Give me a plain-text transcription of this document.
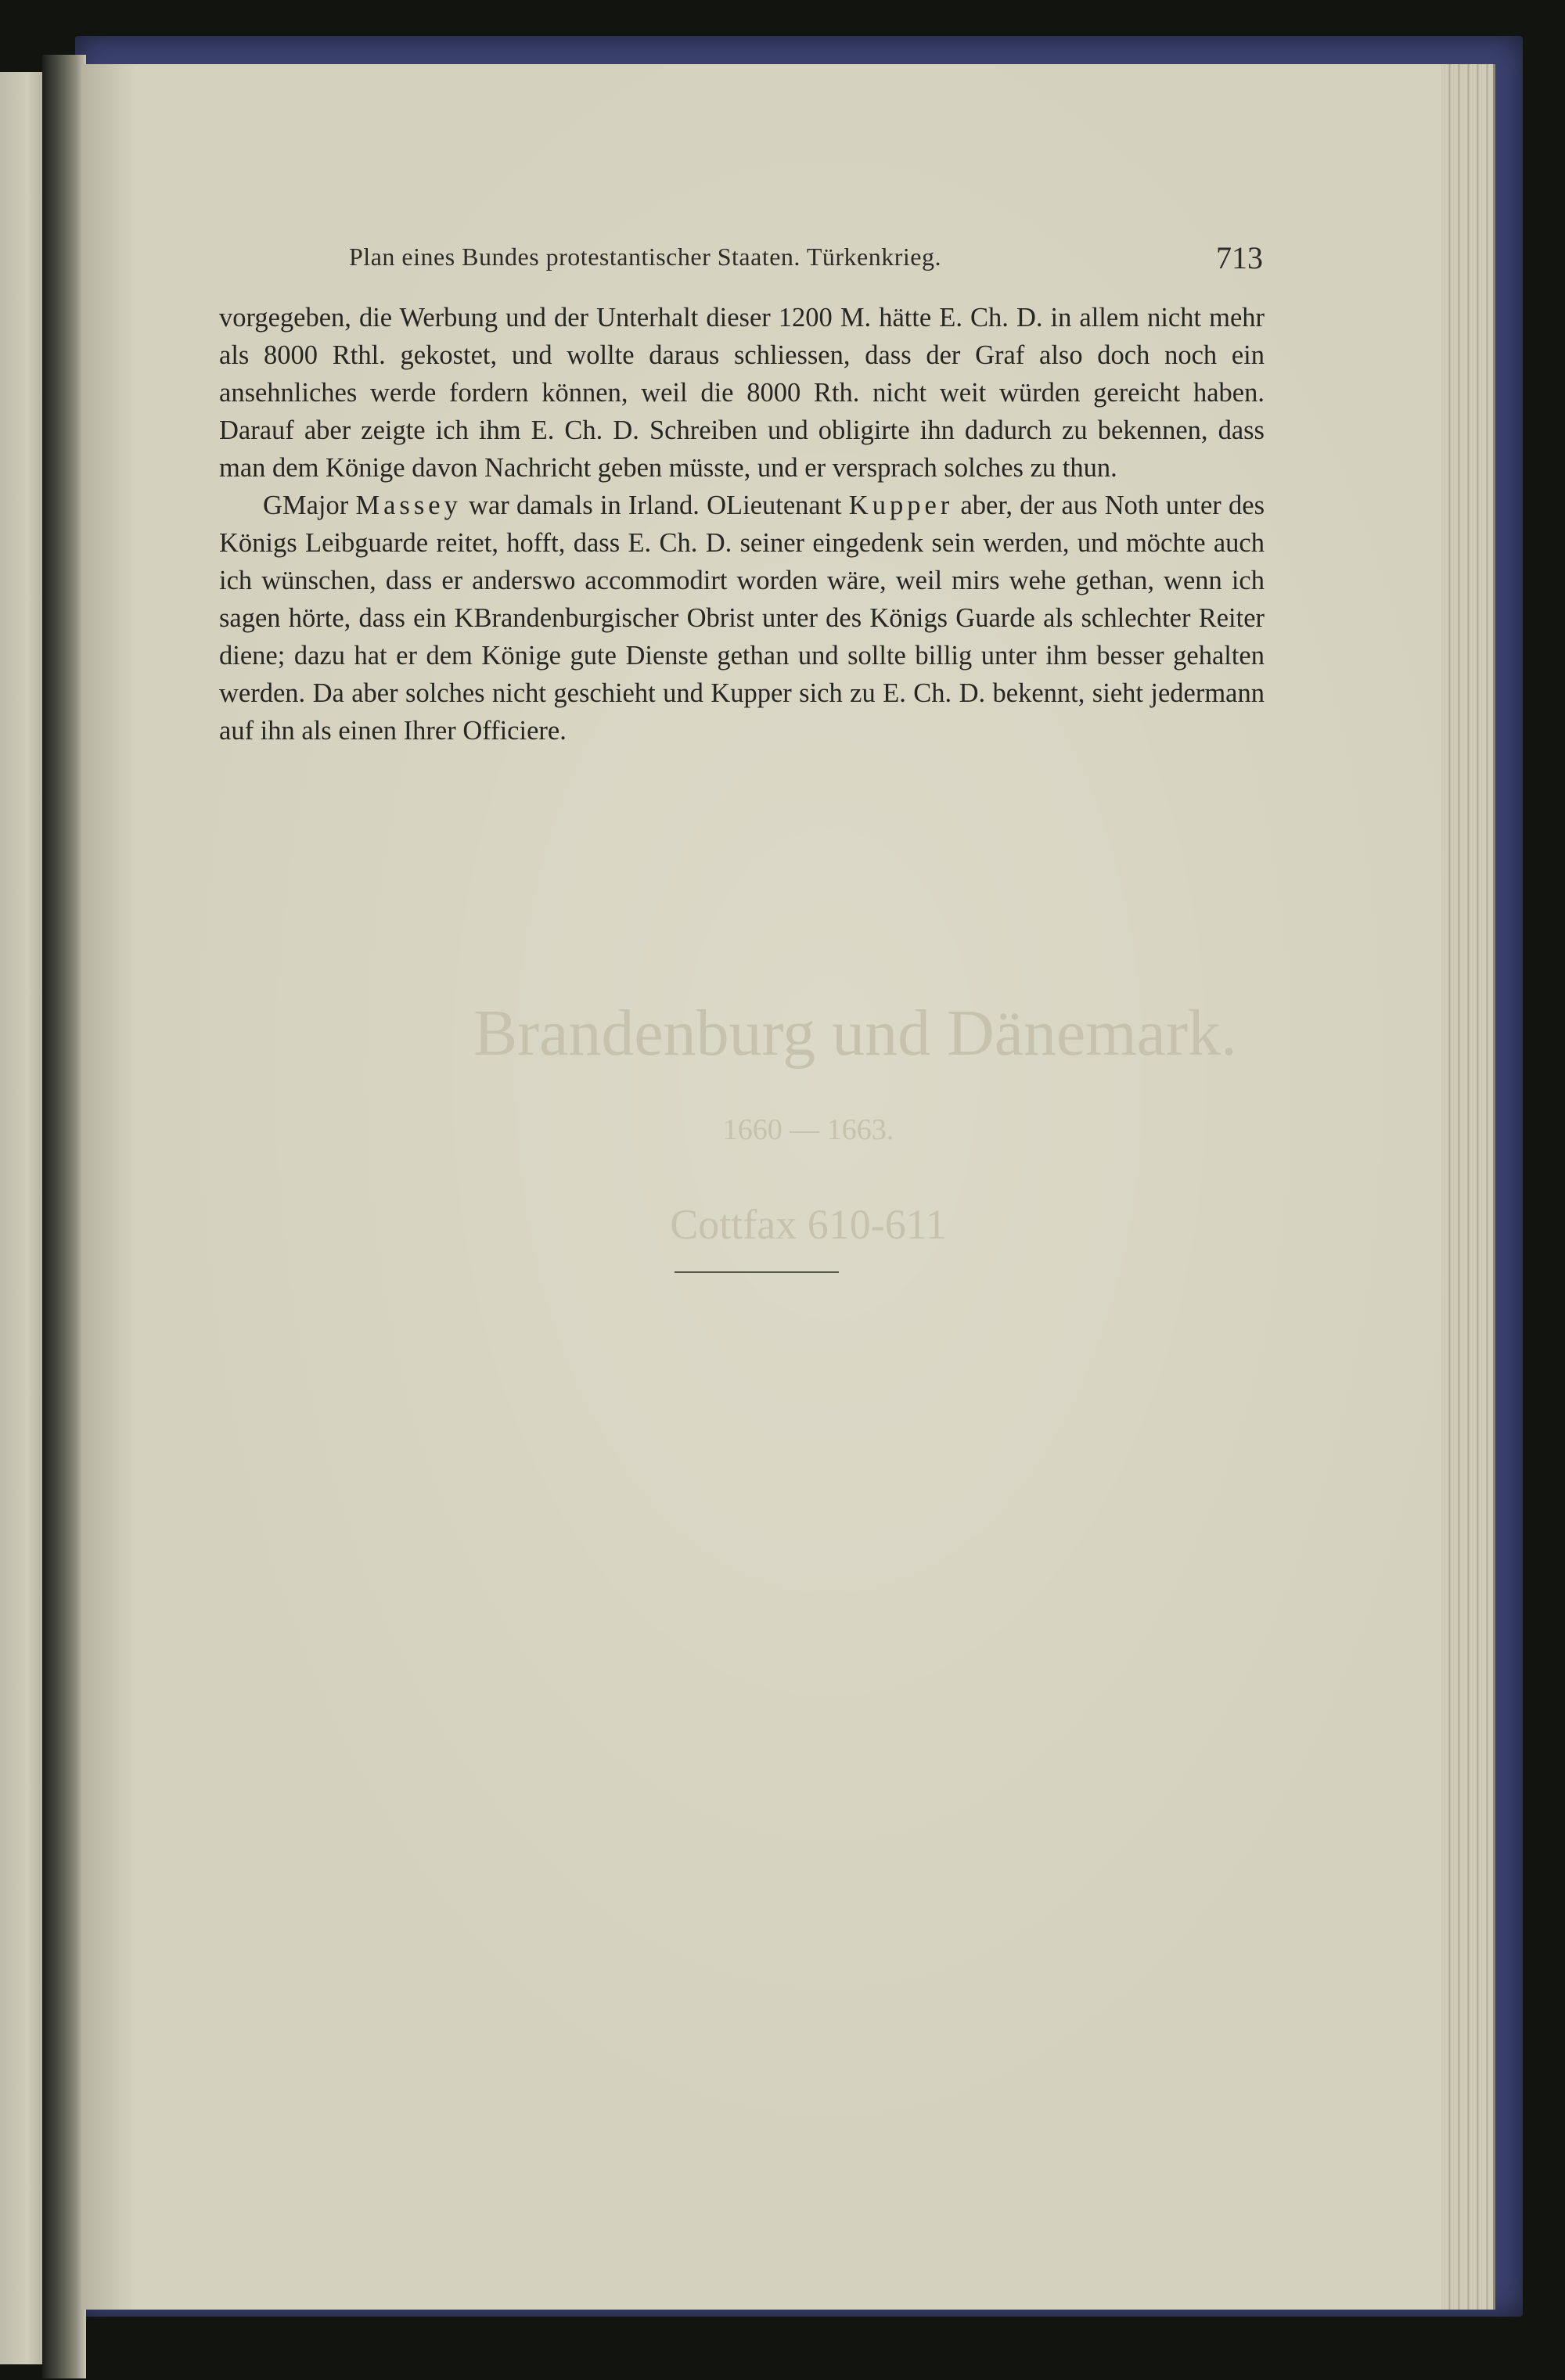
Brandenburg und Dänemark.
1660 — 1663.
Cottfax 610-611
Plan eines Bundes protestantischer Staaten. Türkenkrieg.	713

vorgegeben, die Werbung und der Unterhalt dieser 1200 M. hätte E. Ch. D. in allem nicht mehr als 8000 Rthl. gekostet, und wollte daraus schliessen, dass der Graf also doch noch ein ansehnliches werde fordern können, weil die 8000 Rth. nicht weit würden gereicht haben. Darauf aber zeigte ich ihm E. Ch. D. Schreiben und obligirte ihn dadurch zu bekennen, dass man dem Könige davon Nachricht geben müsste, und er versprach solches zu thun.

GMajor Massey war damals in Irland. OLieutenant Kupper aber, der aus Noth unter des Königs Leibguarde reitet, hofft, dass E. Ch. D. seiner eingedenk sein werden, und möchte auch ich wünschen, dass er anderswo accommodirt worden wäre, weil mirs wehe gethan, wenn ich sagen hörte, dass ein KBrandenburgischer Obrist unter des Königs Guarde als schlechter Reiter diene; dazu hat er dem Könige gute Dienste gethan und sollte billig unter ihm besser gehalten werden. Da aber solches nicht geschieht und Kupper sich zu E. Ch. D. bekennt, sieht jedermann auf ihn als einen Ihrer Officiere.
